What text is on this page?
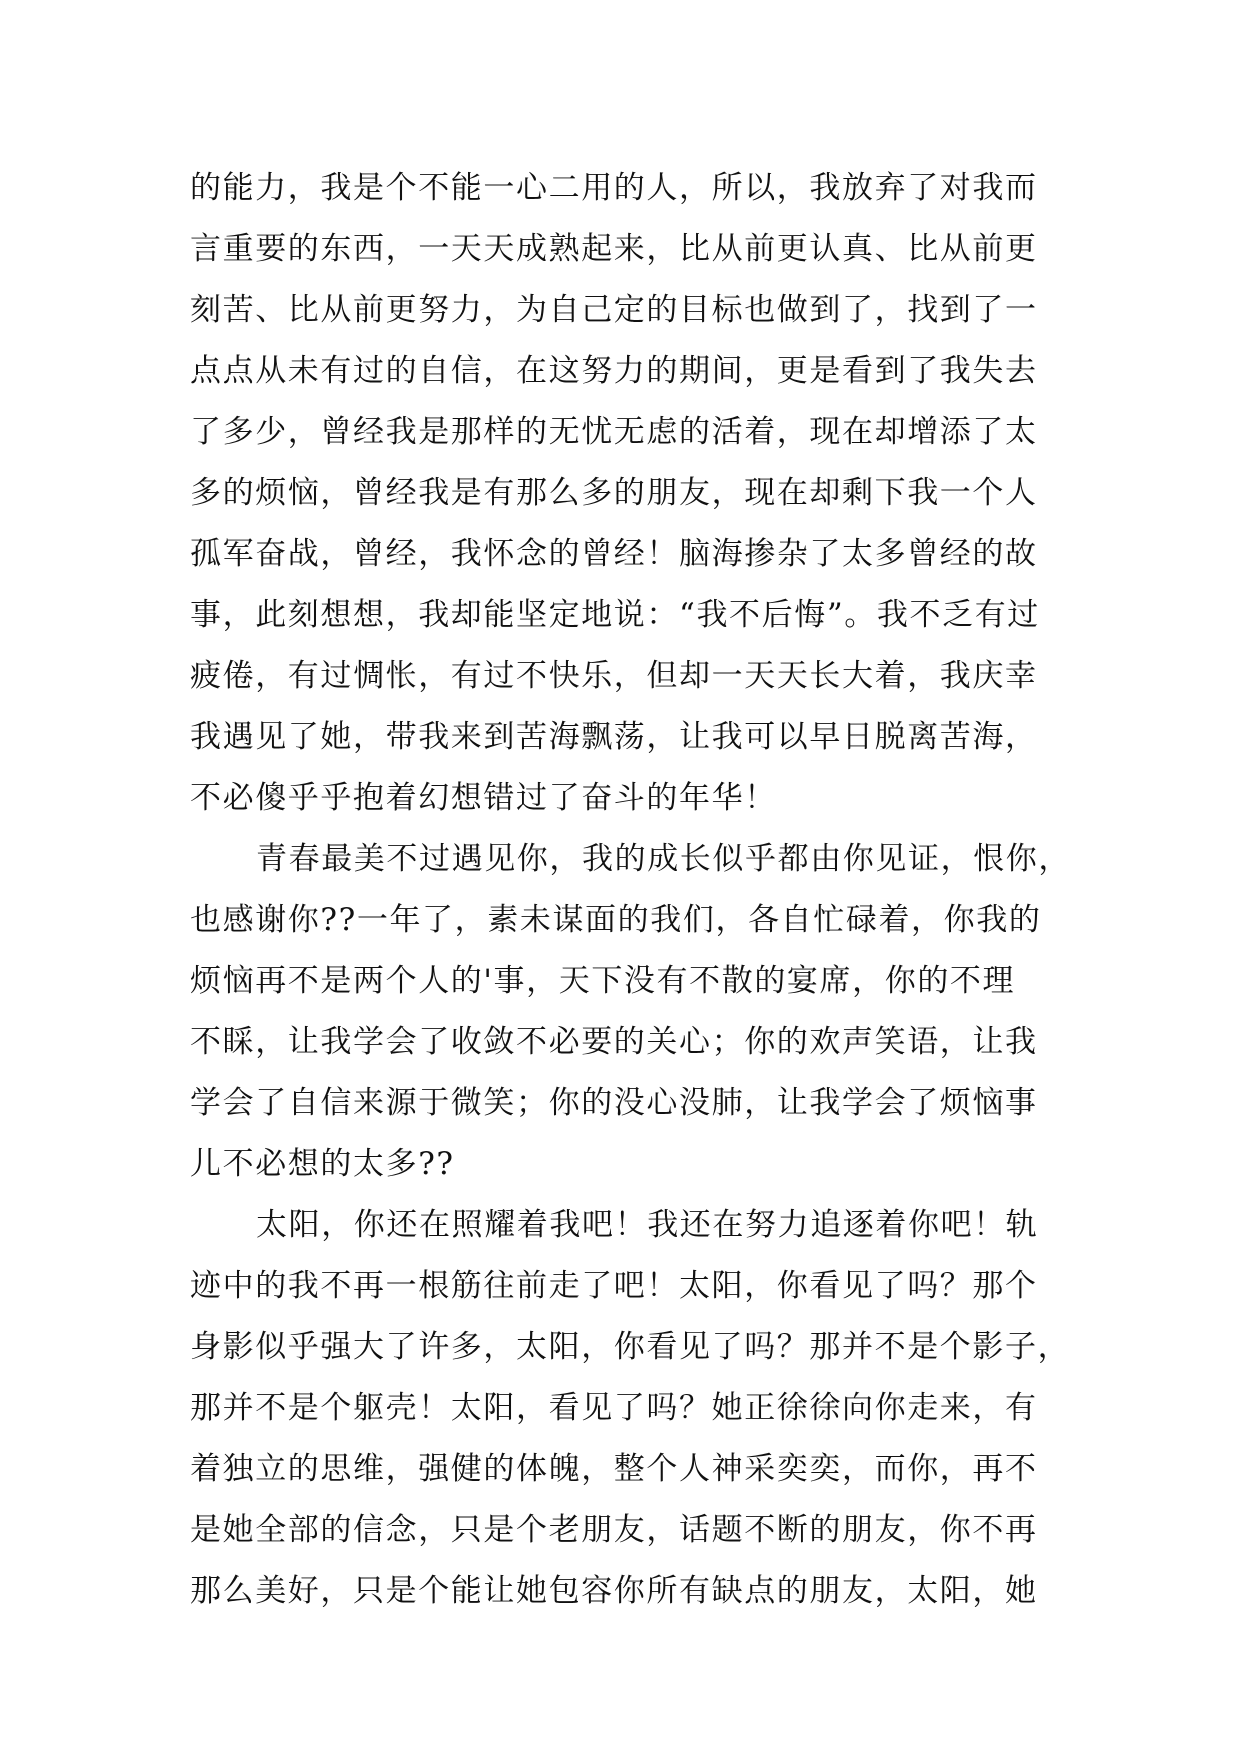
的能力，我是个不能一心二用的人，所以，我放弃了对我而
言重要的东西，一天天成熟起来，比从前更认真、比从前更
刻苦、比从前更努力，为自己定的目标也做到了，找到了一
点点从未有过的自信，在这努力的期间，更是看到了我失去
了多少，曾经我是那样的无忧无虑的活着，现在却增添了太
多的烦恼，曾经我是有那么多的朋友，现在却剩下我一个人
孤军奋战，曾经，我怀念的曾经！脑海掺杂了太多曾经的故
事，此刻想想，我却能坚定地说：“我不后悔”。我不乏有过
疲倦，有过惆怅，有过不快乐，但却一天天长大着，我庆幸
我遇见了她，带我来到苦海飘荡，让我可以早日脱离苦海，
不必傻乎乎抱着幻想错过了奋斗的年华！
青春最美不过遇见你，我的成长似乎都由你见证，恨你，
也感谢你??一年了，素未谋面的我们，各自忙碌着，你我的
烦恼再不是两个人的'事，天下没有不散的宴席，你的不理
不睬，让我学会了收敛不必要的关心；你的欢声笑语，让我
学会了自信来源于微笑；你的没心没肺，让我学会了烦恼事
儿不必想的太多??
太阳，你还在照耀着我吧！我还在努力追逐着你吧！轨
迹中的我不再一根筋往前走了吧！太阳，你看见了吗？那个
身影似乎强大了许多，太阳，你看见了吗？那并不是个影子，
那并不是个躯壳！太阳，看见了吗？她正徐徐向你走来，有
着独立的思维，强健的体魄，整个人神采奕奕，而你，再不
是她全部的信念，只是个老朋友，话题不断的朋友，你不再
那么美好，只是个能让她包容你所有缺点的朋友，太阳，她
